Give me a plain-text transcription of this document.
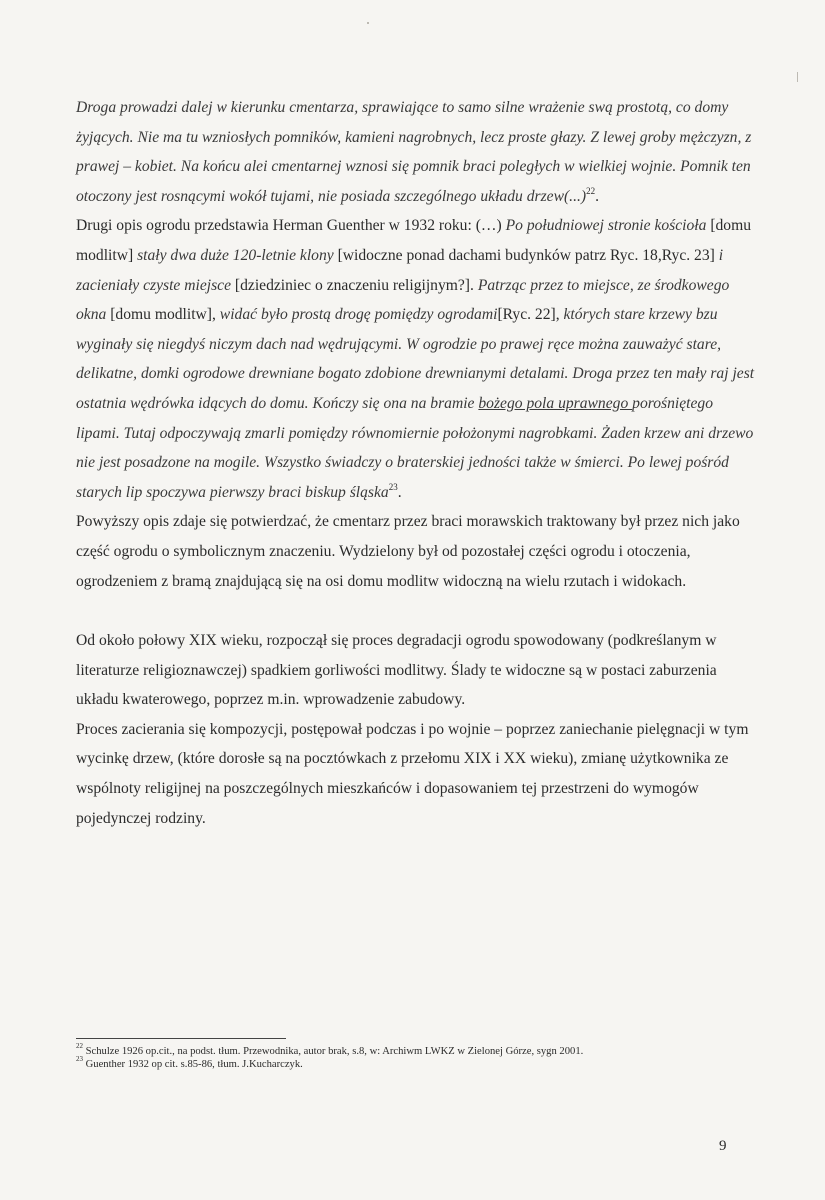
Droga prowadzi dalej w kierunku cmentarza, sprawiające to samo silne wrażenie swą prostotą, co domy żyjących. Nie ma tu wzniosłych pomników, kamieni nagrobnych, lecz proste głazy. Z lewej groby mężczyzn, z prawej – kobiet. Na końcu alei cmentarnej wznosi się pomnik braci poległych w wielkiej wojnie. Pomnik ten otoczony jest rosnącymi wokół tujami, nie posiada szczególnego układu drzew(...)$^{22}$.

Drugi opis ogrodu przedstawia Herman Guenther w 1932 roku: (…) Po południowej stronie kościoła [domu modlitw] stały dwa duże 120-letnie klony [widoczne ponad dachami budynków patrz Ryc. 18,Ryc. 23] i zacieniały czyste miejsce [dziedziniec o znaczeniu religijnym?]. Patrząc przez to miejsce, ze środkowego okna [domu modlitw], widać było prostą drogę pomiędzy ogrodami[Ryc. 22], których stare krzewy bzu wyginały się niegdyś niczym dach nad wędrującymi. W ogrodzie po prawej ręce można zauważyć stare, delikatne, domki ogrodowe drewniane bogato zdobione drewnianymi detalami. Droga przez ten mały raj jest ostatnia wędrówka idących do domu. Kończy się ona na bramie bożego pola uprawnego porośniętego lipami. Tutaj odpoczywają zmarli pomiędzy równomiernie położonymi nagrobkami. Żaden krzew ani drzewo nie jest posadzone na mogile. Wszystko świadczy o braterskiej jedności także w śmierci. Po lewej pośród starych lip spoczywa pierwszy braci biskup śląska$^{23}$.

Powyższy opis zdaje się potwierdzać, że cmentarz przez braci morawskich traktowany był przez nich jako część ogrodu o symbolicznym znaczeniu. Wydzielony był od pozostałej części ogrodu i otoczenia, ogrodzeniem z bramą znajdującą się na osi domu modlitw widoczną na wielu rzutach i widokach.

Od około połowy XIX wieku, rozpoczął się proces degradacji ogrodu spowodowany (podkreślanym w literaturze religioznawczej) spadkiem gorliwości modlitwy. Ślady te widoczne są w postaci zaburzenia układu kwaterowego, poprzez m.in. wprowadzenie zabudowy.

Proces zacierania się kompozycji, postępował podczas i po wojnie – poprzez zaniechanie pielęgnacji w tym wycinkę drzew, (które dorosłe są na pocztówkach z przełomu XIX i XX wieku), zmianę użytkownika ze wspólnoty religijnej na poszczególnych mieszkańców i dopasowaniem tej przestrzeni do wymogów pojedynczej rodziny.

$^{22}$ Schulze 1926 op.cit., na podst. tłum. Przewodnika, autor brak, s.8, w: Archiwm LWKZ w Zielonej Górze, sygn 2001.

$^{23}$ Guenther 1932 op cit. s.85-86, tłum. J.Kucharczyk.

9
